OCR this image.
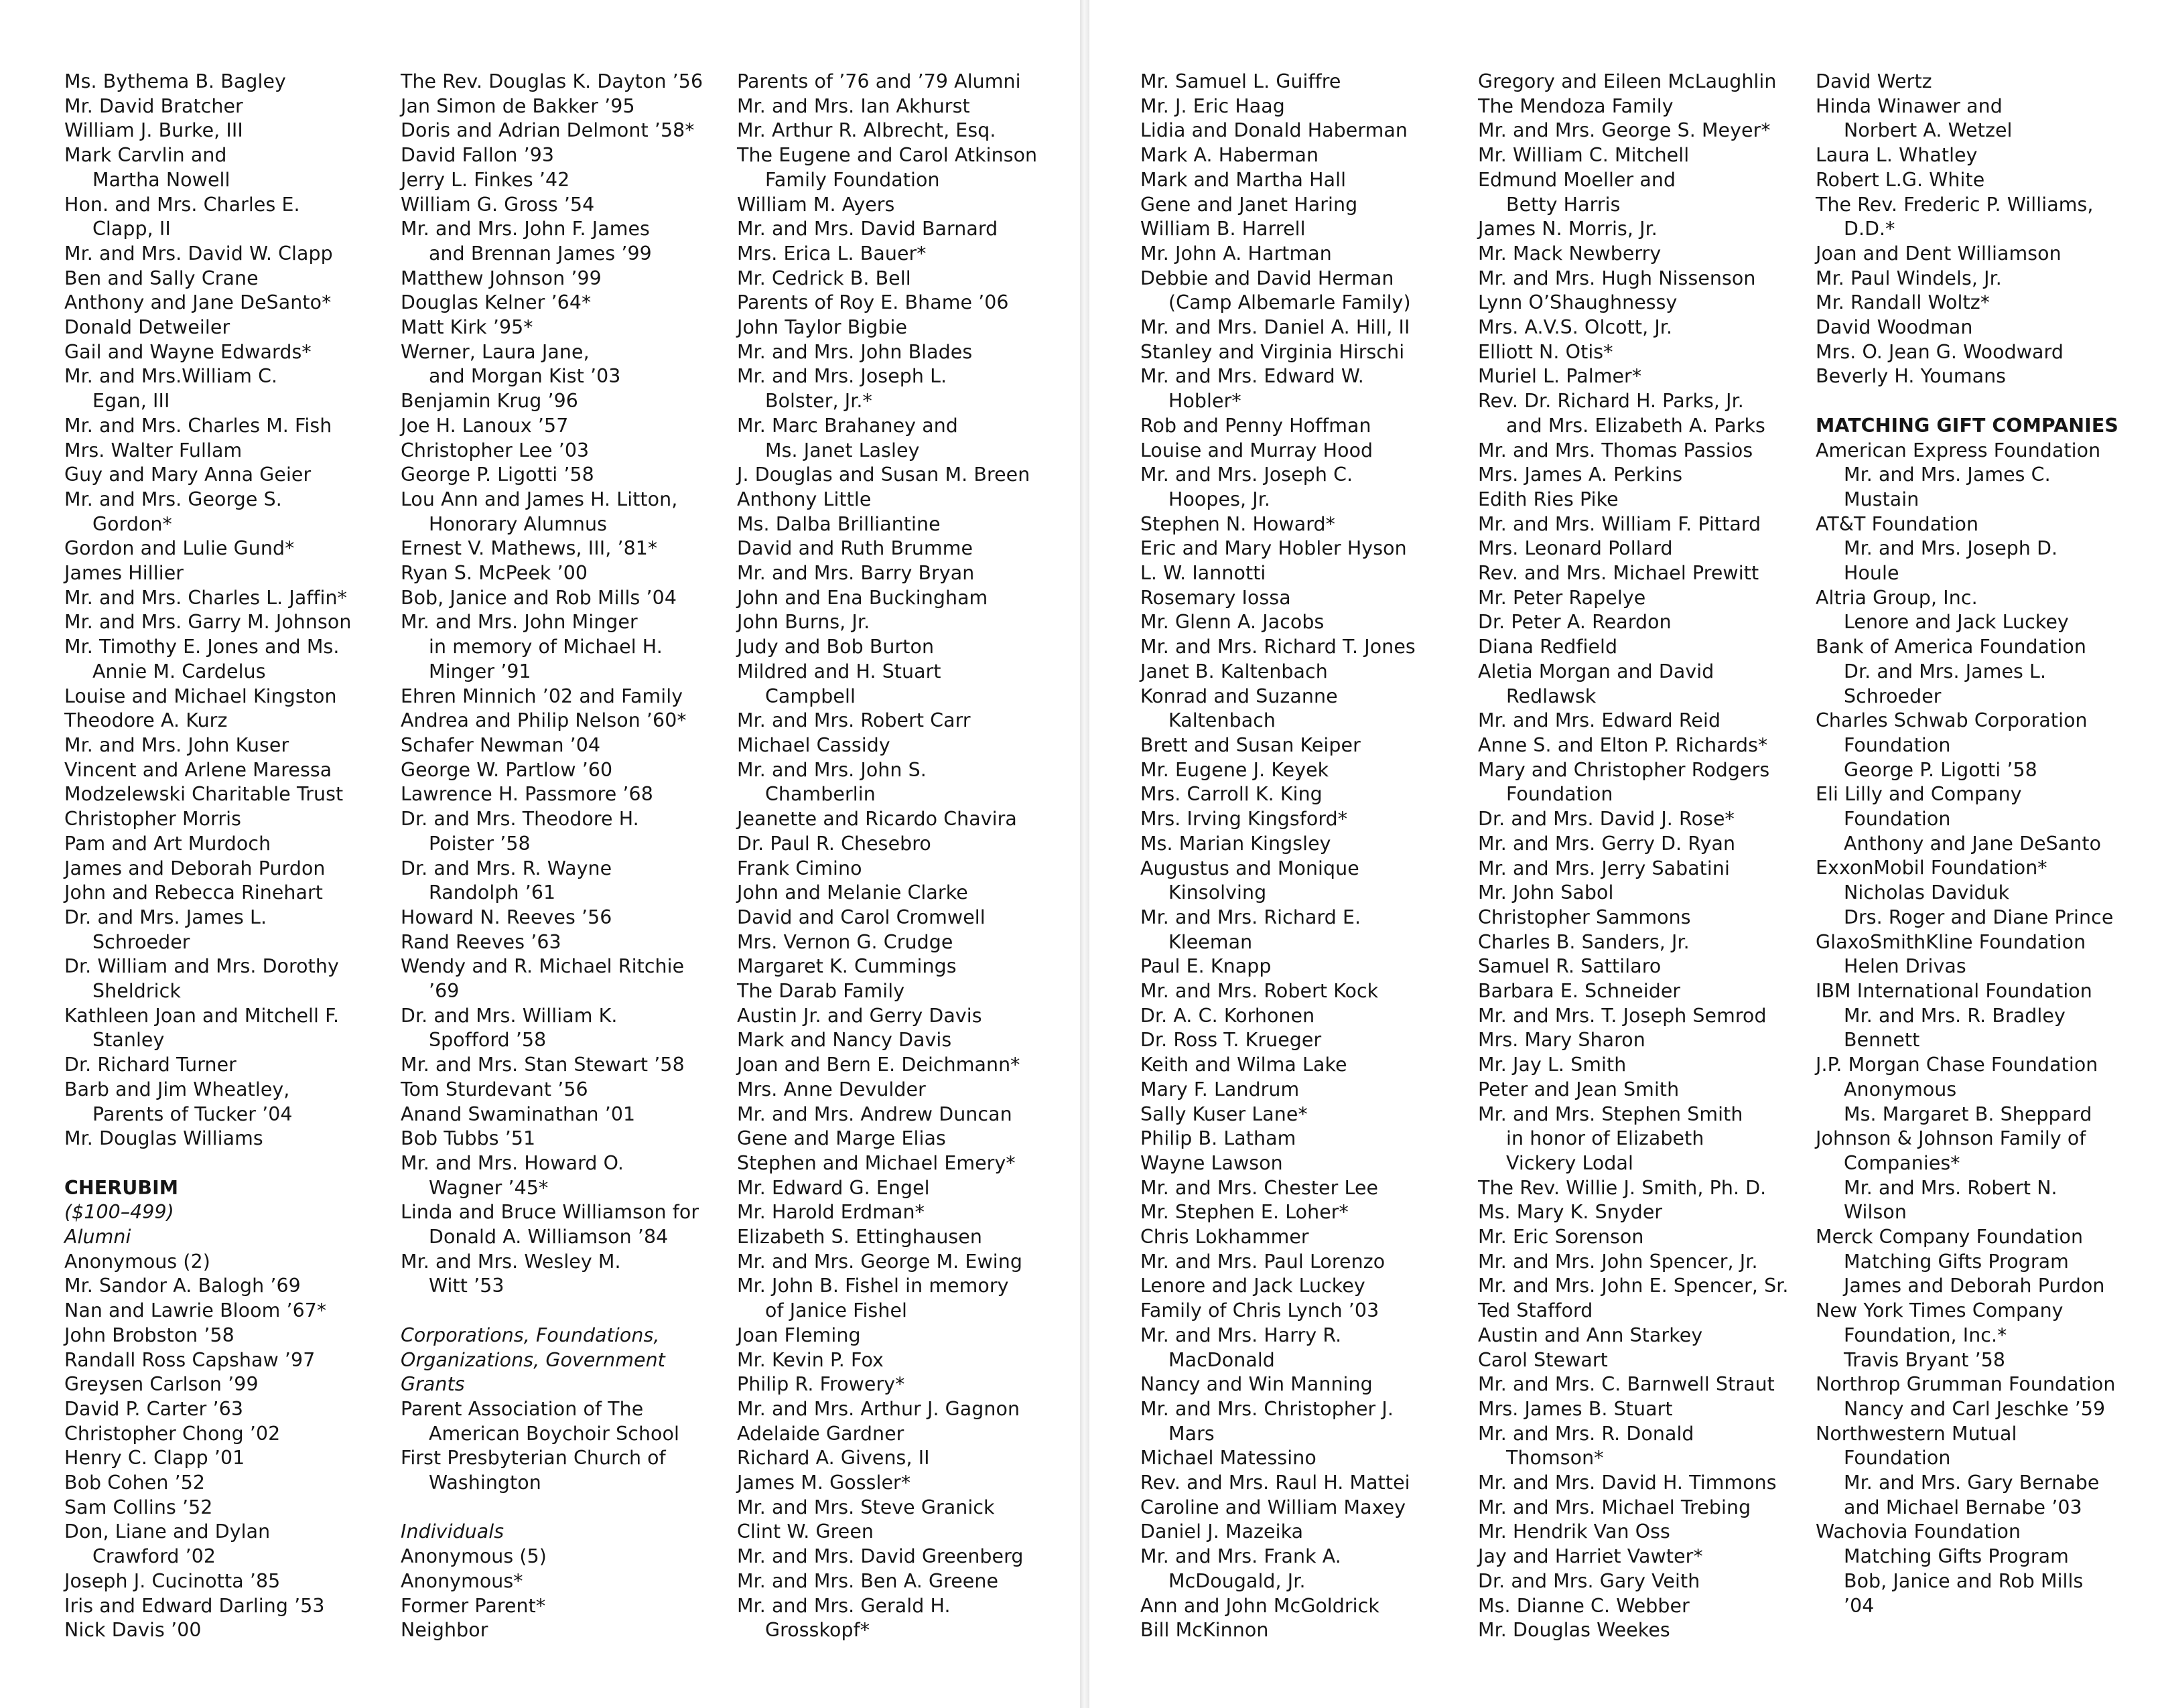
Ms. Bythema B. Bagley
Mr. David Bratcher
William J. Burke, III
Mark Carvlin and
Martha Nowell
Hon. and Mrs. Charles E.
Clapp, II
Mr. and Mrs. David W. Clapp
Ben and Sally Crane
Anthony and Jane DeSanto*
Donald Detweiler
Gail and Wayne Edwards*
Mr. and Mrs.William C.
Egan, III
Mr. and Mrs. Charles M. Fish
Mrs. Walter Fullam
Guy and Mary Anna Geier
Mr. and Mrs. George S.
Gordon*
Gordon and Lulie Gund*
James Hillier
Mr. and Mrs. Charles L. Jaffin*
Mr. and Mrs. Garry M. Johnson
Mr. Timothy E. Jones and Ms.
Annie M. Cardelus
Louise and Michael Kingston
Theodore A. Kurz
Mr. and Mrs. John Kuser
Vincent and Arlene Maressa
Modzelewski Charitable Trust
Christopher Morris
Pam and Art Murdoch
James and Deborah Purdon
John and Rebecca Rinehart
Dr. and Mrs. James L.
Schroeder
Dr. William and Mrs. Dorothy
Sheldrick
Kathleen Joan and Mitchell F.
Stanley
Dr. Richard Turner
Barb and Jim Wheatley,
Parents of Tucker ’04
Mr. Douglas Williams
CHERUBIM
($100–499)
Alumni
Anonymous (2)
Mr. Sandor A. Balogh ’69
Nan and Lawrie Bloom ’67*
John Brobston ’58
Randall Ross Capshaw ’97
Greysen Carlson ’99
David P. Carter ’63
Christopher Chong ’02
Henry C. Clapp ’01
Bob Cohen ’52
Sam Collins ’52
Don, Liane and Dylan
Crawford ’02
Joseph J. Cucinotta ’85
Iris and Edward Darling ’53
Nick Davis ’00
The Rev. Douglas K. Dayton ’56
Jan Simon de Bakker ’95
Doris and Adrian Delmont ’58*
David Fallon ’93
Jerry L. Finkes ’42
William G. Gross ’54
Mr. and Mrs. John F. James
and Brennan James ’99
Matthew Johnson ’99
Douglas Kelner ’64*
Matt Kirk ’95*
Werner, Laura Jane,
and Morgan Kist ’03
Benjamin Krug ’96
Joe H. Lanoux ’57
Christopher Lee ’03
George P. Ligotti ’58
Lou Ann and James H. Litton,
Honorary Alumnus
Ernest V. Mathews, III, ’81*
Ryan S. McPeek ’00
Bob, Janice and Rob Mills ’04
Mr. and Mrs. John Minger
in memory of Michael H.
Minger ’91
Ehren Minnich ’02 and Family
Andrea and Philip Nelson ’60*
Schafer Newman ’04
George W. Partlow ’60
Lawrence H. Passmore ’68
Dr. and Mrs. Theodore H.
Poister ’58
Dr. and Mrs. R. Wayne
Randolph ’61
Howard N. Reeves ’56
Rand Reeves ’63
Wendy and R. Michael Ritchie
’69
Dr. and Mrs. William K.
Spofford ’58
Mr. and Mrs. Stan Stewart ’58
Tom Sturdevant ’56
Anand Swaminathan ’01
Bob Tubbs ’51
Mr. and Mrs. Howard O.
Wagner ’45*
Linda and Bruce Williamson for
Donald A. Williamson ’84
Mr. and Mrs. Wesley M.
Witt ’53
Corporations, Foundations,
Organizations, Government
Grants
Parent Association of The
American Boychoir School
First Presbyterian Church of
Washington
Individuals
Anonymous (5)
Anonymous*
Former Parent*
Neighbor
Parents of ’76 and ’79 Alumni
Mr. and Mrs. Ian Akhurst
Mr. Arthur R. Albrecht, Esq.
The Eugene and Carol Atkinson
Family Foundation
William M. Ayers
Mr. and Mrs. David Barnard
Mrs. Erica L. Bauer*
Mr. Cedrick B. Bell
Parents of Roy E. Bhame ’06
John Taylor Bigbie
Mr. and Mrs. John Blades
Mr. and Mrs. Joseph L.
Bolster, Jr.*
Mr. Marc Brahaney and
Ms. Janet Lasley
J. Douglas and Susan M. Breen
Anthony Little
Ms. Dalba Brilliantine
David and Ruth Brumme
Mr. and Mrs. Barry Bryan
John and Ena Buckingham
John Burns, Jr.
Judy and Bob Burton
Mildred and H. Stuart
Campbell
Mr. and Mrs. Robert Carr
Michael Cassidy
Mr. and Mrs. John S.
Chamberlin
Jeanette and Ricardo Chavira
Dr. Paul R. Chesebro
Frank Cimino
John and Melanie Clarke
David and Carol Cromwell
Mrs. Vernon G. Crudge
Margaret K. Cummings
The Darab Family
Austin Jr. and Gerry Davis
Mark and Nancy Davis
Joan and Bern E. Deichmann*
Mrs. Anne Devulder
Mr. and Mrs. Andrew Duncan
Gene and Marge Elias
Stephen and Michael Emery*
Mr. Edward G. Engel
Mr. Harold Erdman*
Elizabeth S. Ettinghausen
Mr. and Mrs. George M. Ewing
Mr. John B. Fishel in memory
of Janice Fishel
Joan Fleming
Mr. Kevin P. Fox
Philip R. Frowery*
Mr. and Mrs. Arthur J. Gagnon
Adelaide Gardner
Richard A. Givens, II
James M. Gossler*
Mr. and Mrs. Steve Granick
Clint W. Green
Mr. and Mrs. David Greenberg
Mr. and Mrs. Ben A. Greene
Mr. and Mrs. Gerald H.
Grosskopf*
Mr. Samuel L. Guiffre
Mr. J. Eric Haag
Lidia and Donald Haberman
Mark A. Haberman
Mark and Martha Hall
Gene and Janet Haring
William B. Harrell
Mr. John A. Hartman
Debbie and David Herman
(Camp Albemarle Family)
Mr. and Mrs. Daniel A. Hill, II
Stanley and Virginia Hirschi
Mr. and Mrs. Edward W.
Hobler*
Rob and Penny Hoffman
Louise and Murray Hood
Mr. and Mrs. Joseph C.
Hoopes, Jr.
Stephen N. Howard*
Eric and Mary Hobler Hyson
L. W. Iannotti
Rosemary Iossa
Mr. Glenn A. Jacobs
Mr. and Mrs. Richard T. Jones
Janet B. Kaltenbach
Konrad and Suzanne
Kaltenbach
Brett and Susan Keiper
Mr. Eugene J. Keyek
Mrs. Carroll K. King
Mrs. Irving Kingsford*
Ms. Marian Kingsley
Augustus and Monique
Kinsolving
Mr. and Mrs. Richard E.
Kleeman
Paul E. Knapp
Mr. and Mrs. Robert Kock
Dr. A. C. Korhonen
Dr. Ross T. Krueger
Keith and Wilma Lake
Mary F. Landrum
Sally Kuser Lane*
Philip B. Latham
Wayne Lawson
Mr. and Mrs. Chester Lee
Mr. Stephen E. Loher*
Chris Lokhammer
Mr. and Mrs. Paul Lorenzo
Lenore and Jack Luckey
Family of Chris Lynch ’03
Mr. and Mrs. Harry R.
MacDonald
Nancy and Win Manning
Mr. and Mrs. Christopher J.
Mars
Michael Matessino
Rev. and Mrs. Raul H. Mattei
Caroline and William Maxey
Daniel J. Mazeika
Mr. and Mrs. Frank A.
McDougald, Jr.
Ann and John McGoldrick
Bill McKinnon
Gregory and Eileen McLaughlin
The Mendoza Family
Mr. and Mrs. George S. Meyer*
Mr. William C. Mitchell
Edmund Moeller and
Betty Harris
James N. Morris, Jr.
Mr. Mack Newberry
Mr. and Mrs. Hugh Nissenson
Lynn O’Shaughnessy
Mrs. A.V.S. Olcott, Jr.
Elliott N. Otis*
Muriel L. Palmer*
Rev. Dr. Richard H. Parks, Jr.
and Mrs. Elizabeth A. Parks
Mr. and Mrs. Thomas Passios
Mrs. James A. Perkins
Edith Ries Pike
Mr. and Mrs. William F. Pittard
Mrs. Leonard Pollard
Rev. and Mrs. Michael Prewitt
Mr. Peter Rapelye
Dr. Peter A. Reardon
Diana Redfield
Aletia Morgan and David
Redlawsk
Mr. and Mrs. Edward Reid
Anne S. and Elton P. Richards*
Mary and Christopher Rodgers
Foundation
Dr. and Mrs. David J. Rose*
Mr. and Mrs. Gerry D. Ryan
Mr. and Mrs. Jerry Sabatini
Mr. John Sabol
Christopher Sammons
Charles B. Sanders, Jr.
Samuel R. Sattilaro
Barbara E. Schneider
Mr. and Mrs. T. Joseph Semrod
Mrs. Mary Sharon
Mr. Jay L. Smith
Peter and Jean Smith
Mr. and Mrs. Stephen Smith
in honor of Elizabeth
Vickery Lodal
The Rev. Willie J. Smith, Ph. D.
Ms. Mary K. Snyder
Mr. Eric Sorenson
Mr. and Mrs. John Spencer, Jr.
Mr. and Mrs. John E. Spencer, Sr.
Ted Stafford
Austin and Ann Starkey
Carol Stewart
Mr. and Mrs. C. Barnwell Straut
Mrs. James B. Stuart
Mr. and Mrs. R. Donald
Thomson*
Mr. and Mrs. David H. Timmons
Mr. and Mrs. Michael Trebing
Mr. Hendrik Van Oss
Jay and Harriet Vawter*
Dr. and Mrs. Gary Veith
Ms. Dianne C. Webber
Mr. Douglas Weekes
David Wertz
Hinda Winawer and
Norbert A. Wetzel
Laura L. Whatley
Robert L.G. White
The Rev. Frederic P. Williams,
D.D.*
Joan and Dent Williamson
Mr. Paul Windels, Jr.
Mr. Randall Woltz*
David Woodman
Mrs. O. Jean G. Woodward
Beverly H. Youmans
MATCHING GIFT COMPANIES
American Express Foundation
Mr. and Mrs. James C.
Mustain
AT&T Foundation
Mr. and Mrs. Joseph D.
Houle
Altria Group, Inc.
Lenore and Jack Luckey
Bank of America Foundation
Dr. and Mrs. James L.
Schroeder
Charles Schwab Corporation
Foundation
George P. Ligotti ’58
Eli Lilly and Company
Foundation
Anthony and Jane DeSanto
ExxonMobil Foundation*
Nicholas Daviduk
Drs. Roger and Diane Prince
GlaxoSmithKline Foundation
Helen Drivas
IBM International Foundation
Mr. and Mrs. R. Bradley
Bennett
J.P. Morgan Chase Foundation
Anonymous
Ms. Margaret B. Sheppard
Johnson & Johnson Family of
Companies*
Mr. and Mrs. Robert N.
Wilson
Merck Company Foundation
Matching Gifts Program
James and Deborah Purdon
New York Times Company
Foundation, Inc.*
Travis Bryant ’58
Northrop Grumman Foundation
Nancy and Carl Jeschke ’59
Northwestern Mutual
Foundation
Mr. and Mrs. Gary Bernabe
and Michael Bernabe ’03
Wachovia Foundation
Matching Gifts Program
Bob, Janice and Rob Mills
’04
